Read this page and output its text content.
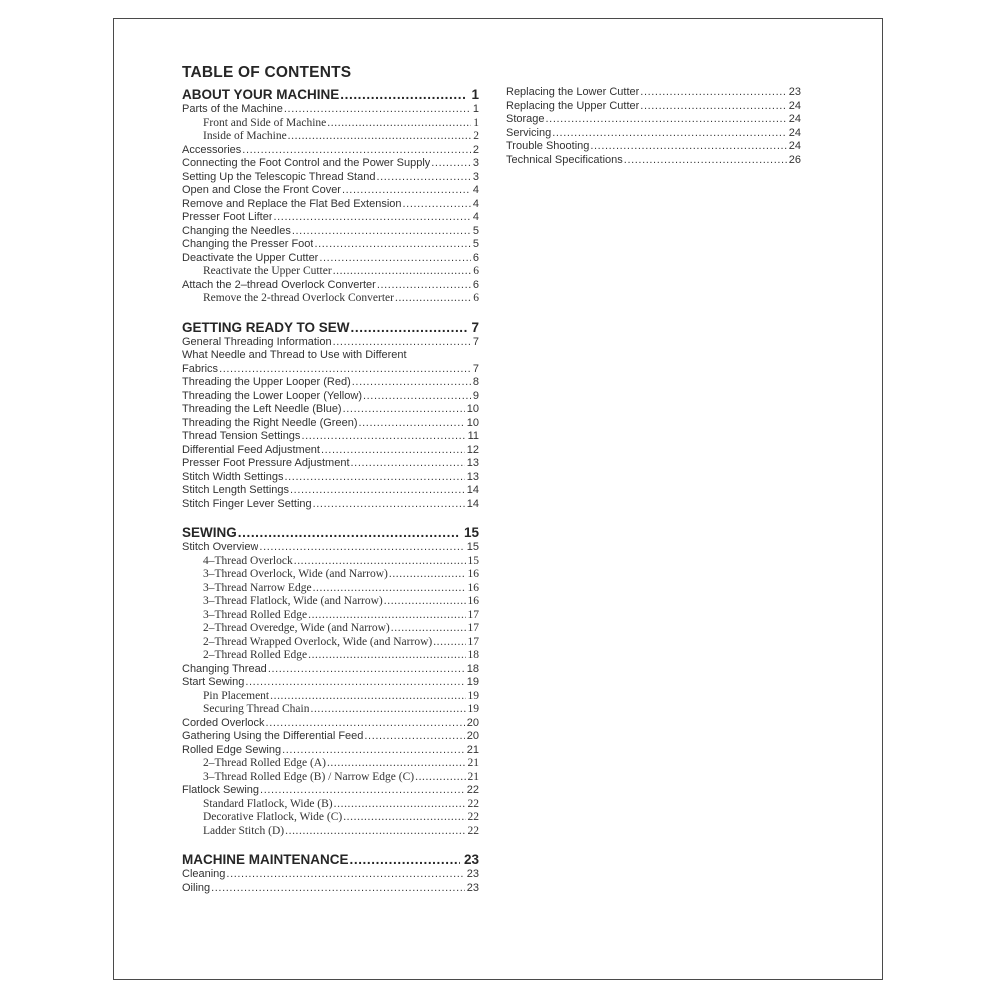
TABLE OF CONTENTS
ABOUT YOUR MACHINE .....	1
Parts of the Machine .....	1
Front and Side of Machine .....	1
Inside of Machine .....	2
Accessories .....	2
Connecting the Foot Control and the Power Supply .....	3
Setting Up the Telescopic Thread Stand .....	3
Open and Close the Front Cover .....	4
Remove and Replace the Flat Bed Extension .....	4
Presser Foot Lifter .....	4
Changing the Needles .....	5
Changing the Presser Foot .....	5
Deactivate the Upper Cutter .....	6
Reactivate the Upper Cutter .....	6
Attach the 2–thread Overlock Converter .....	6
Remove the 2-thread Overlock Converter .....	6
GETTING READY TO SEW .....	7
General Threading Information .....	7
What Needle and Thread to Use with Different
Fabrics .....	7
Threading the Upper Looper (Red) .....	8
Threading the Lower Looper (Yellow) .....	9
Threading the Left Needle (Blue) .....	10
Threading the Right Needle (Green) .....	10
Thread Tension Settings .....	11
Differential Feed Adjustment .....	12
Presser Foot Pressure Adjustment .....	13
Stitch Width Settings .....	13
Stitch Length Settings .....	14
Stitch Finger Lever Setting .....	14
SEWING .....	15
Stitch Overview .....	15
4–Thread Overlock .....	15
3–Thread Overlock, Wide (and Narrow) .....	16
3–Thread Narrow Edge .....	16
3–Thread Flatlock, Wide (and Narrow) .....	16
3–Thread Rolled Edge .....	17
2–Thread Overedge, Wide (and Narrow) .....	17
2–Thread Wrapped Overlock, Wide (and Narrow) .....	17
2–Thread Rolled Edge .....	18
Changing Thread .....	18
Start Sewing .....	19
Pin Placement .....	19
Securing Thread Chain .....	19
Corded Overlock .....	20
Gathering Using the Differential Feed .....	20
Rolled Edge Sewing .....	21
2–Thread Rolled Edge (A) .....	21
3–Thread Rolled Edge (B) / Narrow Edge (C) .....	21
Flatlock Sewing .....	22
Standard Flatlock, Wide (B) .....	22
Decorative Flatlock, Wide (C) .....	22
Ladder Stitch (D) .....	22
MACHINE MAINTENANCE .....	23
Cleaning .....	23
Oiling .....	23
Replacing the Lower Cutter .....	23
Replacing the Upper Cutter .....	24
Storage .....	24
Servicing .....	24
Trouble Shooting .....	24
Technical Specifications .....	26
